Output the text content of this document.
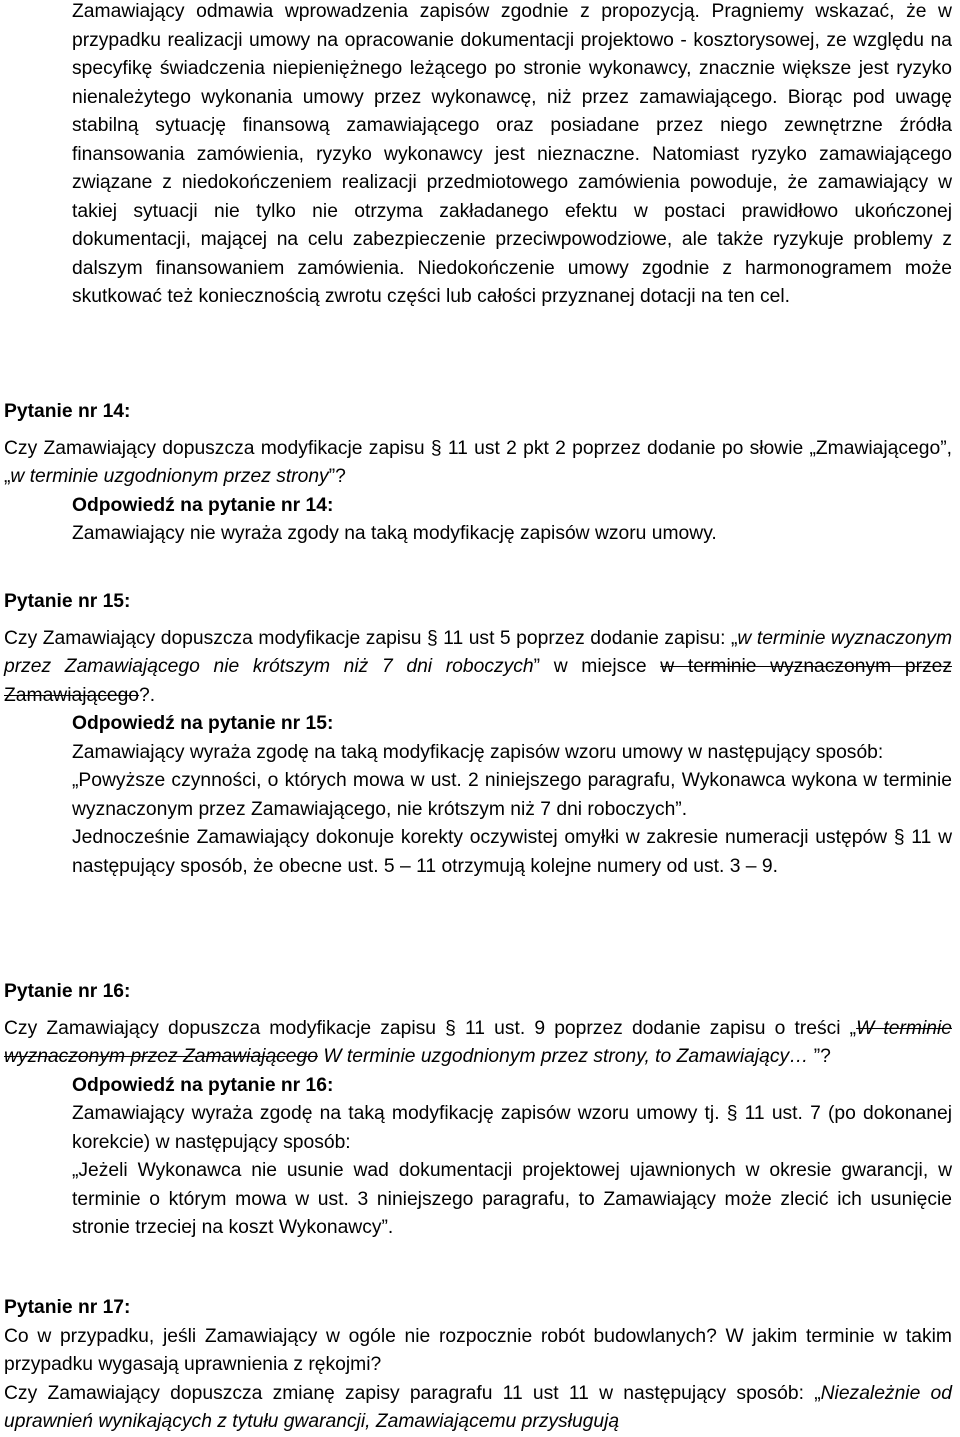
Zamawiający odmawia wprowadzenia zapisów zgodnie z propozycją. Pragniemy wskazać, że w przypadku realizacji umowy na opracowanie dokumentacji projektowo - kosztorysowej, ze względu na specyfikę świadczenia niepieniężnego leżącego po stronie wykonawcy, znacznie większe jest ryzyko nienależytego wykonania umowy przez wykonawcę, niż przez zamawiającego. Biorąc pod uwagę stabilną sytuację finansową zamawiającego oraz posiadane przez niego zewnętrzne źródła finansowania zamówienia, ryzyko wykonawcy jest nieznaczne. Natomiast ryzyko zamawiającego związane z niedokończeniem realizacji przedmiotowego zamówienia powoduje, że zamawiający w takiej sytuacji nie tylko nie otrzyma zakładanego efektu w postaci prawidłowo ukończonej dokumentacji, mającej na celu zabezpieczenie przeciwpowodziowe, ale także ryzykuje problemy z dalszym finansowaniem zamówienia. Niedokończenie umowy zgodnie z harmonogramem może skutkować też koniecznością zwrotu części lub całości przyznanej dotacji na ten cel.

Pytanie nr 14:

Czy Zamawiający dopuszcza modyfikacje zapisu § 11 ust 2 pkt 2 poprzez dodanie po słowie „Zmawiającego”, „w terminie uzgodnionym przez strony”?

Odpowiedź na pytanie nr 14:

Zamawiający nie wyraża zgody na taką modyfikację zapisów wzoru umowy.

Pytanie nr 15:

Czy Zamawiający dopuszcza modyfikacje zapisu § 11 ust 5 poprzez dodanie zapisu: „w terminie wyznaczonym przez Zamawiającego nie krótszym niż 7 dni roboczych” w miejsce w terminie wyznaczonym przez Zamawiającego?.

Odpowiedź na pytanie nr 15:

Zamawiający wyraża zgodę na taką modyfikację zapisów wzoru umowy w następujący sposób:

„Powyższe czynności, o których mowa w ust. 2 niniejszego paragrafu, Wykonawca wykona w terminie wyznaczonym przez Zamawiającego, nie krótszym niż 7 dni roboczych”.

Jednocześnie Zamawiający dokonuje korekty oczywistej omyłki w zakresie numeracji ustępów § 11 w następujący sposób, że obecne ust. 5 – 11 otrzymują kolejne numery od ust. 3 – 9.

Pytanie nr 16:

Czy Zamawiający dopuszcza modyfikacje zapisu § 11 ust. 9 poprzez dodanie zapisu o treści „W terminie wyznaczonym przez Zamawiającego W terminie uzgodnionym przez strony, to Zamawiający… ”?

Odpowiedź na pytanie nr 16:

Zamawiający wyraża zgodę na taką modyfikację zapisów wzoru umowy tj. § 11 ust. 7 (po dokonanej korekcie) w następujący sposób:

„Jeżeli Wykonawca nie usunie wad dokumentacji projektowej ujawnionych w okresie gwarancji, w terminie o którym mowa w ust. 3 niniejszego paragrafu, to Zamawiający może zlecić ich usunięcie stronie trzeciej na koszt Wykonawcy”.

Pytanie nr 17:

Co w przypadku, jeśli Zamawiający w ogóle nie rozpocznie robót budowlanych? W jakim terminie w takim przypadku wygasają uprawnienia z rękojmi?

Czy Zamawiający dopuszcza zmianę zapisy paragrafu 11 ust 11 w następujący sposób: „Niezależnie od uprawnień wynikających z tytułu gwarancji, Zamawiającemu przysługują
